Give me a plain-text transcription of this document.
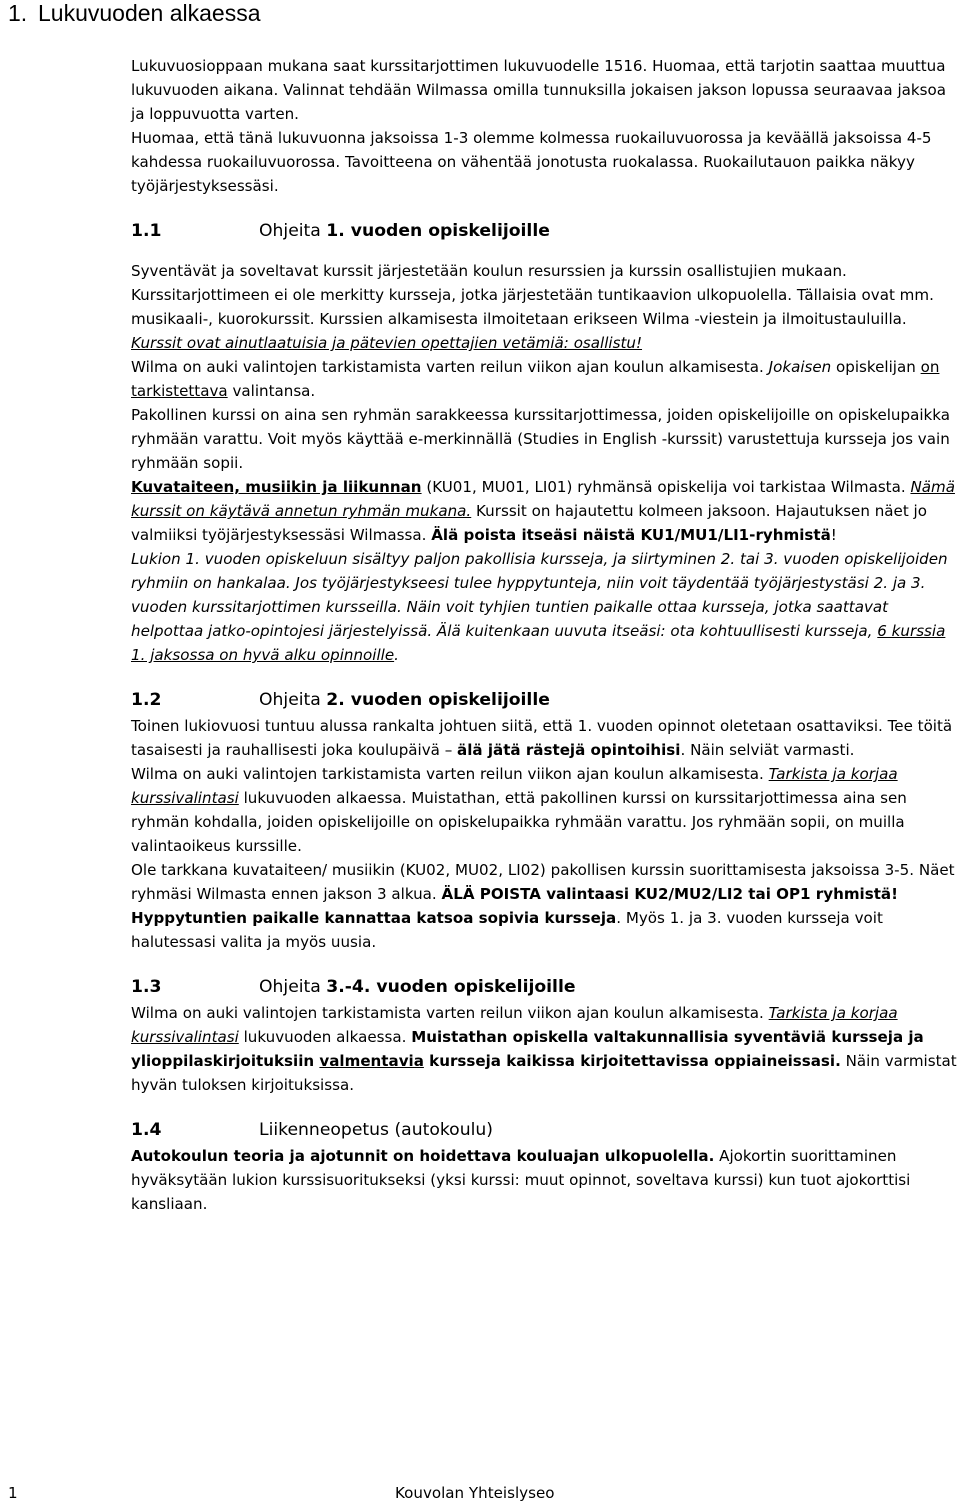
1. Lukuvuoden alkaessa

Lukuvuosioppaan mukana saat kurssitarjottimen lukuvuodelle 1516. Huomaa, että tarjotin saattaa muuttua lukuvuoden aikana. Valinnat tehdään Wilmassa omilla tunnuksilla jokaisen jakson lopussa seuraavaa jaksoa ja loppuvuotta varten.

Huomaa, että tänä lukuvuonna jaksoissa 1-3 olemme kolmessa ruokailuvuorossa ja keväällä jaksoissa 4-5 kahdessa ruokailuvuorossa. Tavoitteena on vähentää jonotusta ruokalassa. Ruokailutauon paikka näkyy työjärjestyksessäsi.

1.1	Ohjeita 1. vuoden opiskelijoille

Syventävät ja soveltavat kurssit järjestetään koulun resurssien ja kurssin osallistujien mukaan. Kurssitarjottimeen ei ole merkitty kursseja, jotka järjestetään tuntikaavion ulkopuolella. Tällaisia ovat mm. musikaali-, kuorokurssit. Kurssien alkamisesta ilmoitetaan erikseen Wilma -viestein ja ilmoitustauluilla. Kurssit ovat ainutlaatuisia ja pätevien opettajien vetämiä: osallistu!

Wilma on auki valintojen tarkistamista varten reilun viikon ajan koulun alkamisesta. Jokaisen opiskelijan on tarkistettava valintansa.

Pakollinen kurssi on aina sen ryhmän sarakkeessa kurssitarjottimessa, joiden opiskelijoille on opiskelupaikka ryhmään varattu. Voit myös käyttää e-merkinnällä (Studies in English -kurssit) varustettuja kursseja jos vain ryhmään sopii.

Kuvataiteen, musiikin ja liikunnan (KU01, MU01, LI01) ryhmänsä opiskelija voi tarkistaa Wilmasta. Nämä kurssit on käytävä annetun ryhmän mukana. Kurssit on hajautettu kolmeen jaksoon. Hajautuksen näet jo valmiiksi työjärjestyksessäsi Wilmassa. Älä poista itseäsi näistä KU1/MU1/LI1-ryhmistä!

Lukion 1. vuoden opiskeluun sisältyy paljon pakollisia kursseja, ja siirtyminen 2. tai 3. vuoden opiskelijoiden ryhmiin on hankalaa. Jos työjärjestykseesi tulee hyppytunteja, niin voit täydentää työjärjestystäsi 2. ja 3. vuoden kurssitarjottimen kursseilla. Näin voit tyhjien tuntien paikalle ottaa kursseja, jotka saattavat helpottaa jatko-opintojesi järjestelyissä. Älä kuitenkaan uuvuta itseäsi: ota kohtuullisesti kursseja, 6 kurssia 1. jaksossa on hyvä alku opinnoille.

1.2	Ohjeita 2. vuoden opiskelijoille

Toinen lukiovuosi tuntuu alussa rankalta johtuen siitä, että 1. vuoden opinnot oletetaan osattaviksi. Tee töitä tasaisesti ja rauhallisesti joka koulupäivä – älä jätä rästejä opintoihisi. Näin selviät varmasti.

Wilma on auki valintojen tarkistamista varten reilun viikon ajan koulun alkamisesta. Tarkista ja korjaa kurssivalintasi lukuvuoden alkaessa. Muistathan, että pakollinen kurssi on kurssitarjottimessa aina sen ryhmän kohdalla, joiden opiskelijoille on opiskelupaikka ryhmään varattu. Jos ryhmään sopii, on muilla valintaoikeus kurssille.

Ole tarkkana kuvataiteen/ musiikin (KU02, MU02, LI02) pakollisen kurssin suorittamisesta jaksoissa 3-5. Näet ryhmäsi Wilmasta ennen jakson 3 alkua. ÄLÄ POISTA valintaasi KU2/MU2/LI2 tai OP1 ryhmistä!

Hyppytuntien paikalle kannattaa katsoa sopivia kursseja. Myös 1. ja 3. vuoden kursseja voit halutessasi valita ja myös uusia.

1.3	Ohjeita 3.-4. vuoden opiskelijoille

Wilma on auki valintojen tarkistamista varten reilun viikon ajan koulun alkamisesta. Tarkista ja korjaa kurssivalintasi lukuvuoden alkaessa. Muistathan opiskella valtakunnallisia syventäviä kursseja ja ylioppilaskirjoituksiin valmentavia kursseja kaikissa kirjoitettavissa oppiaineissasi. Näin varmistat hyvän tuloksen kirjoituksissa.

1.4	Liikenneopetus (autokoulu)

Autokoulun teoria ja ajotunnit on hoidettava kouluajan ulkopuolella. Ajokortin suorittaminen hyväksytään lukion kurssisuoritukseksi (yksi kurssi: muut opinnot, soveltava kurssi) kun tuot ajokorttisi kansliaan.

1	Kouvolan Yhteislyseo
